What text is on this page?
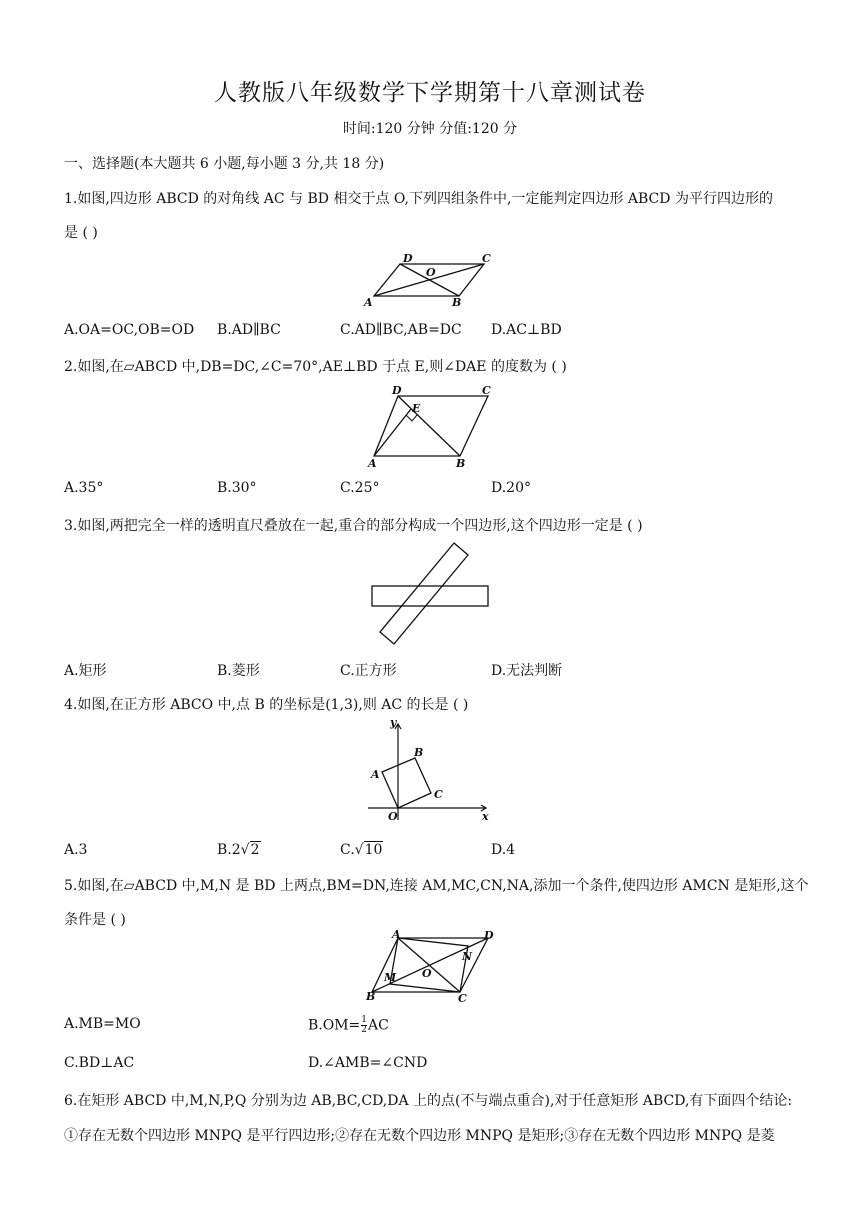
人教版八年级数学下学期第十八章测试卷
时间:120 分钟 分值:120 分
一、选择题(本大题共 6 小题,每小题 3 分,共 18 分)
1.如图,四边形 ABCD 的对角线 AC 与 BD 相交于点 O,下列四组条件中,一定能判定四边形 ABCD 为平行四边形的
是 ( )
A	B
C
D
O
A.OA=OC,OB=OD B.AD∥BC	C.AD∥BC,AB=DC D.AC⊥BD
2.如图,在▱ABCD 中,DB=DC,∠C=70°,AE⊥BD 于点 E,则∠DAE 的度数为 ( )
D	C
E
A	B
A.35°	B.30°	C.25°	D.20°
3.如图,两把完全一样的透明直尺叠放在一起,重合的部分构成一个四边形,这个四边形一定是 ( )
A.矩形	B.菱形	C.正方形	D.无法判断
4.如图,在正方形 ABCO 中,点 B 的坐标是(1,3),则 AC 的长是 ( )
y
x
A
B
C
O
A.3	B.2√2	C.√10	D.4
5.如图,在▱ABCD 中,M,N 是 BD 上两点,BM=DN,连接 AM,MC,CN,NA,添加一个条件,使四边形 AMCN 是矩形,这个
条件是 ( )
A	D
N
O
M
B	C
A.MB=MO	$B.OM= \frac{1}{2}$ AC
C.BD⊥AC	D.∠AMB=∠CND
6.在矩形 ABCD 中,M,N,P,Q 分别为边 AB,BC,CD,DA 上的点(不与端点重合),对于任意矩形 ABCD,有下面四个结论:
①存在无数个四边形 MNPQ 是平行四边形;②存在无数个四边形 MNPQ 是矩形;③存在无数个四边形 MNPQ 是菱
